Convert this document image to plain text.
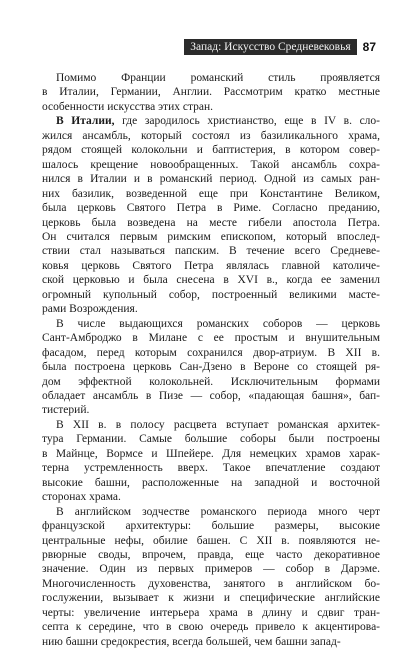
Запад: Искусство Средневековья	87
Помимо Франции романский стиль проявляется
в Италии, Германии, Англии. Рассмотрим кратко местные
особенности искусства этих стран.
В Италии, где зародилось христианство, еще в IV в. сло-
жился ансамбль, который состоял из базиликального храма,
рядом стоящей колокольни и баптистерия, в котором совер-
шалось крещение новообращенных. Такой ансамбль сохра-
нился в Италии и в романский период. Одной из самых ран-
них базилик, возведенной еще при Константине Великом,
была церковь Святого Петра в Риме. Согласно преданию,
церковь была возведена на месте гибели апостола Петра.
Он считался первым римским епископом, который впослед-
ствии стал называться папским. В течение всего Средневе-
ковья церковь Святого Петра являлась главной католиче-
ской церковью и была снесена в XVI в., когда ее заменил
огромный купольный собор, построенный великими масте-
рами Возрождения.
В числе выдающихся романских соборов — церковь
Сант-Амброджо в Милане с ее простым и внушительным
фасадом, перед которым сохранился двор-атриум. В XII в.
была построена церковь Сан-Дзено в Вероне со стоящей ря-
дом эффектной колокольней. Исключительным формами
обладает ансамбль в Пизе — собор, «падающая башня», бап-
тистерий.
В XII в. в полосу расцвета вступает романская архитек-
тура Германии. Самые большие соборы были построены
в Майнце, Вормсе и Шпейере. Для немецких храмов харак-
терна устремленность вверх. Такое впечатление создают
высокие башни, расположенные на западной и восточной
сторонах храма.
В английском зодчестве романского периода много черт
французской архитектуры: большие размеры, высокие
центральные нефы, обилие башен. С XII в. появляются не-
рвюрные своды, впрочем, правда, еще часто декоративное
значение. Один из первых примеров — собор в Дарэме.
Многочисленность духовенства, занятого в английском бо-
гослужении, вызывает к жизни и специфические английские
черты: увеличение интерьера храма в длину и сдвиг тран-
септа к середине, что в свою очередь привело к акцентирова-
нию башни средокрестия, всегда большей, чем башни запад-
